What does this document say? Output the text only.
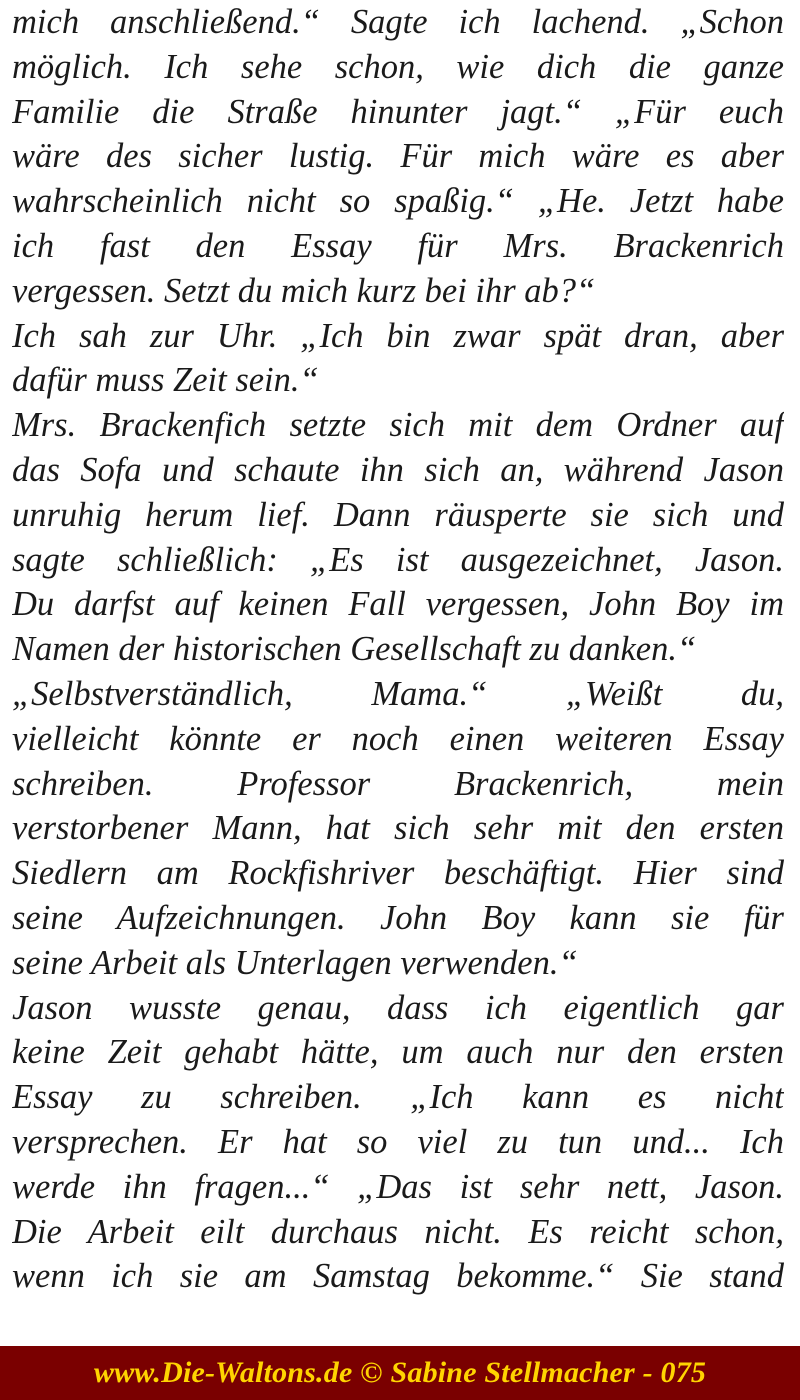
mich anschließend.“ Sagte ich lachend. „Schon
möglich. Ich sehe schon, wie dich die ganze
Familie die Straße hinunter jagt.“ „Für euch
wäre des sicher lustig. Für mich wäre es aber
wahrscheinlich nicht so spaßig.“ „He. Jetzt habe
ich fast den Essay für Mrs. Brackenrich
vergessen. Setzt du mich kurz bei ihr ab?“
Ich sah zur Uhr. „Ich bin zwar spät dran, aber
dafür muss Zeit sein.“
Mrs. Brackenfich setzte sich mit dem Ordner auf
das Sofa und schaute ihn sich an, während Jason
unruhig herum lief. Dann räusperte sie sich und
sagte schließlich: „Es ist ausgezeichnet, Jason.
Du darfst auf keinen Fall vergessen, John Boy im
Namen der historischen Gesellschaft zu danken.“
„Selbstverständlich, Mama.“ „Weißt du,
vielleicht könnte er noch einen weiteren Essay
schreiben. Professor Brackenrich, mein
verstorbener Mann, hat sich sehr mit den ersten
Siedlern am Rockfishriver beschäftigt. Hier sind
seine Aufzeichnungen. John Boy kann sie für
seine Arbeit als Unterlagen verwenden.“
Jason wusste genau, dass ich eigentlich gar
keine Zeit gehabt hätte, um auch nur den ersten
Essay zu schreiben. „Ich kann es nicht
versprechen. Er hat so viel zu tun und... Ich
werde ihn fragen...“ „Das ist sehr nett, Jason.
Die Arbeit eilt durchaus nicht. Es reicht schon,
wenn ich sie am Samstag bekomme.“ Sie stand
www.Die-Waltons.de © Sabine Stellmacher - 075
